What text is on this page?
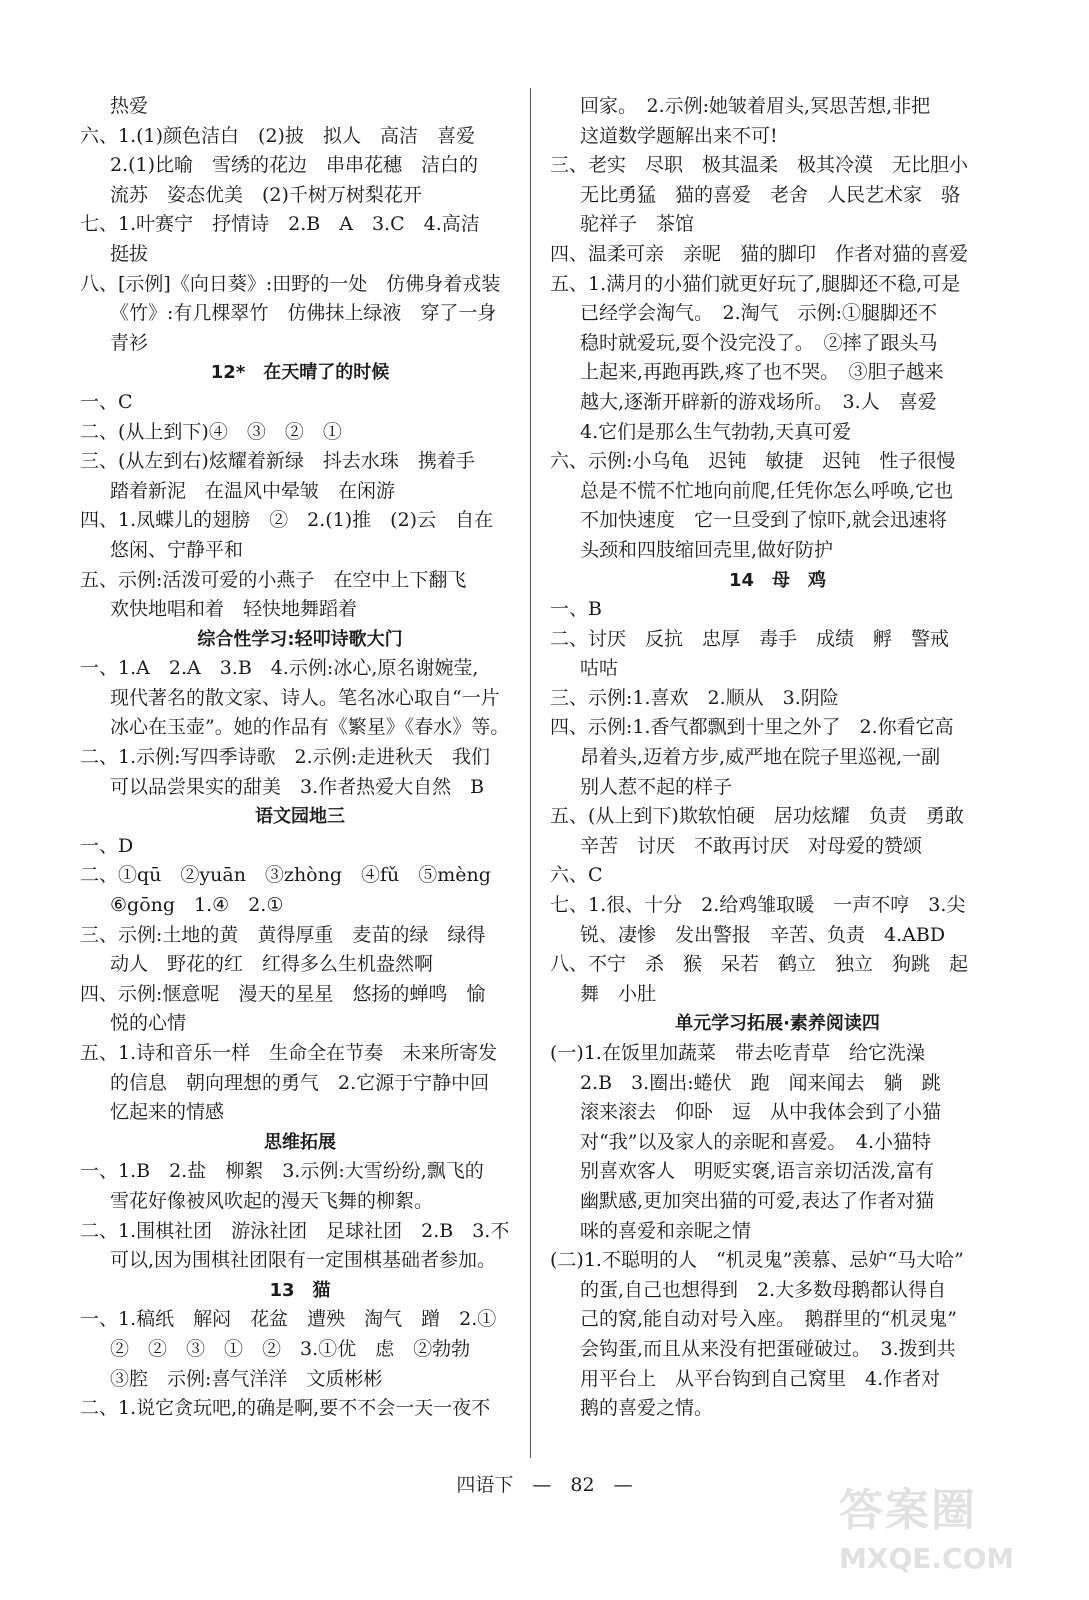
热爱
六、1.(1)颜色洁白　(2)披　拟人　高洁　喜爱
2.(1)比喻　雪绣的花边　串串花穗　洁白的
流苏　姿态优美　(2)千树万树梨花开
七、1.叶赛宁　抒情诗　2.B　A　3.C　4.高洁
挺拔
八、[示例]《向日葵》:田野的一处　仿佛身着戎装
《竹》:有几棵翠竹　仿佛抹上绿液　穿了一身
青衫
12*　在天晴了的时候
一、C
二、(从上到下)④　③　②　①
三、(从左到右)炫耀着新绿　抖去水珠　携着手
踏着新泥　在温风中晕皱　在闲游
四、1.凤蝶儿的翅膀　②　2.(1)推　(2)云　自在
悠闲、宁静平和
五、示例:活泼可爱的小燕子　在空中上下翻飞
欢快地唱和着　轻快地舞蹈着
综合性学习:轻叩诗歌大门
一、1.A　2.A　3.B　4.示例:冰心,原名谢婉莹,
现代著名的散文家、诗人。笔名冰心取自“一片
冰心在玉壶”。她的作品有《繁星》《春水》等。
二、1.示例:写四季诗歌　2.示例:走进秋天　我们
可以品尝果实的甜美　3.作者热爱大自然　B
语文园地三
一、D
二、①qū　②yuān　③zhòng　④fǔ　⑤mèng
⑥gōng　1.④　2.①
三、示例:土地的黄　黄得厚重　麦苗的绿　绿得
动人　野花的红　红得多么生机盎然啊
四、示例:惬意呢　漫天的星星　悠扬的蝉鸣　愉
悦的心情
五、1.诗和音乐一样　生命全在节奏　未来所寄发
的信息　朝向理想的勇气　2.它源于宁静中回
忆起来的情感
思维拓展
一、1.B　2.盐　柳絮　3.示例:大雪纷纷,飘飞的
雪花好像被风吹起的漫天飞舞的柳絮。
二、1.围棋社团　游泳社团　足球社团　2.B　3.不
可以,因为围棋社团限有一定围棋基础者参加。
13　猫
一、1.稿纸　解闷　花盆　遭殃　淘气　蹭　2.①
②　②　③　①　②　3.①优　虑　②勃勃
③腔　示例:喜气洋洋　文质彬彬
二、1.说它贪玩吧,的确是啊,要不不会一天一夜不
回家。　2.示例:她皱着眉头,冥思苦想,非把
这道数学题解出来不可!
三、老实　尽职　极其温柔　极其冷漠　无比胆小
无比勇猛　猫的喜爱　老舍　人民艺术家　骆
驼祥子　茶馆
四、温柔可亲　亲昵　猫的脚印　作者对猫的喜爱
五、1.满月的小猫们就更好玩了,腿脚还不稳,可是
已经学会淘气。　2.淘气　示例:①腿脚还不
稳时就爱玩,耍个没完没了。　②摔了跟头马
上起来,再跑再跌,疼了也不哭。　③胆子越来
越大,逐渐开辟新的游戏场所。　3.人　喜爱
4.它们是那么生气勃勃,天真可爱
六、示例:小乌龟　迟钝　敏捷　迟钝　性子很慢
总是不慌不忙地向前爬,任凭你怎么呼唤,它也
不加快速度　它一旦受到了惊吓,就会迅速将
头颈和四肢缩回壳里,做好防护
14　母　鸡
一、B
二、讨厌　反抗　忠厚　毒手　成绩　孵　警戒
咕咕
三、示例:1.喜欢　2.顺从　3.阴险
四、示例:1.香气都飘到十里之外了　2.你看它高
昂着头,迈着方步,威严地在院子里巡视,一副
别人惹不起的样子
五、(从上到下)欺软怕硬　居功炫耀　负责　勇敢
辛苦　讨厌　不敢再讨厌　对母爱的赞颂
六、C
七、1.很、十分　2.给鸡雏取暖　一声不哼　3.尖
锐、凄惨　发出警报　辛苦、负责　4.ABD
八、不宁　杀　猴　呆若　鹤立　独立　狗跳　起
舞　小肚
单元学习拓展·素养阅读四
(一)1.在饭里加蔬菜　带去吃青草　给它洗澡
2.B　3.圈出:蜷伏　跑　闻来闻去　躺　跳
滚来滚去　仰卧　逗　从中我体会到了小猫
对“我”以及家人的亲昵和喜爱。　4.小猫特
别喜欢客人　明贬实褒,语言亲切活泼,富有
幽默感,更加突出猫的可爱,表达了作者对猫
咪的喜爱和亲昵之情
(二)1.不聪明的人　“机灵鬼”羡慕、忌妒“马大哈”
的蛋,自己也想得到　2.大多数母鹅都认得自
己的窝,能自动对号入座。　鹅群里的“机灵鬼”
会钩蛋,而且从来没有把蛋碰破过。　3.拨到共
用平台上　从平台钩到自己窝里　4.作者对
鹅的喜爱之情。
四语下　—　82　—	答案圈
MXQE.COM
